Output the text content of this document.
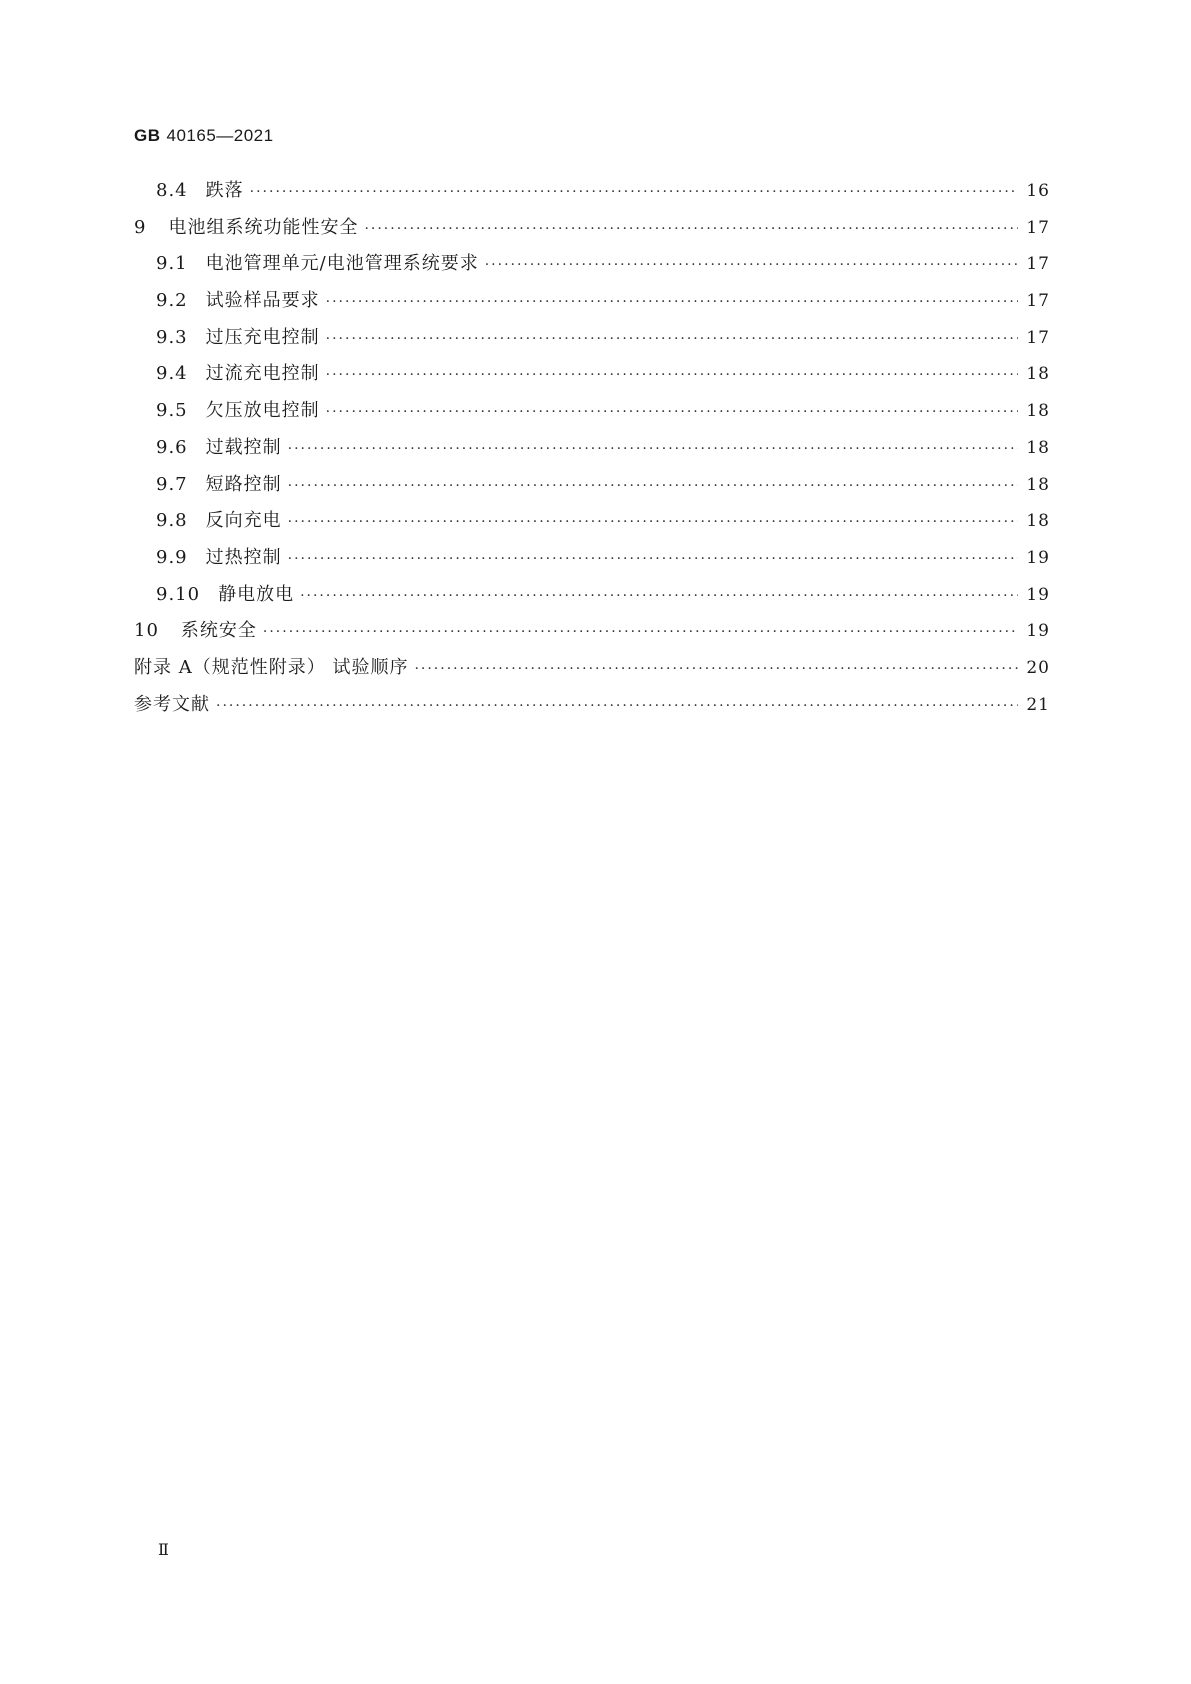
GB 40165—2021
8.4 跌落 ·····	16
9 电池组系统功能性安全 ·····	17
9.1 电池管理单元/电池管理系统要求 ·····	17
9.2 试验样品要求 ·····	17
9.3 过压充电控制 ·····	17
9.4 过流充电控制 ·····	18
9.5 欠压放电控制 ·····	18
9.6 过载控制 ·····	18
9.7 短路控制 ·····	18
9.8 反向充电 ·····	18
9.9 过热控制 ·····	19
9.10 静电放电 ·····	19
10 系统安全 ·····	19
附录 A（规范性附录） 试验顺序 ·····	20
参考文献 ·····	21
Ⅱ
